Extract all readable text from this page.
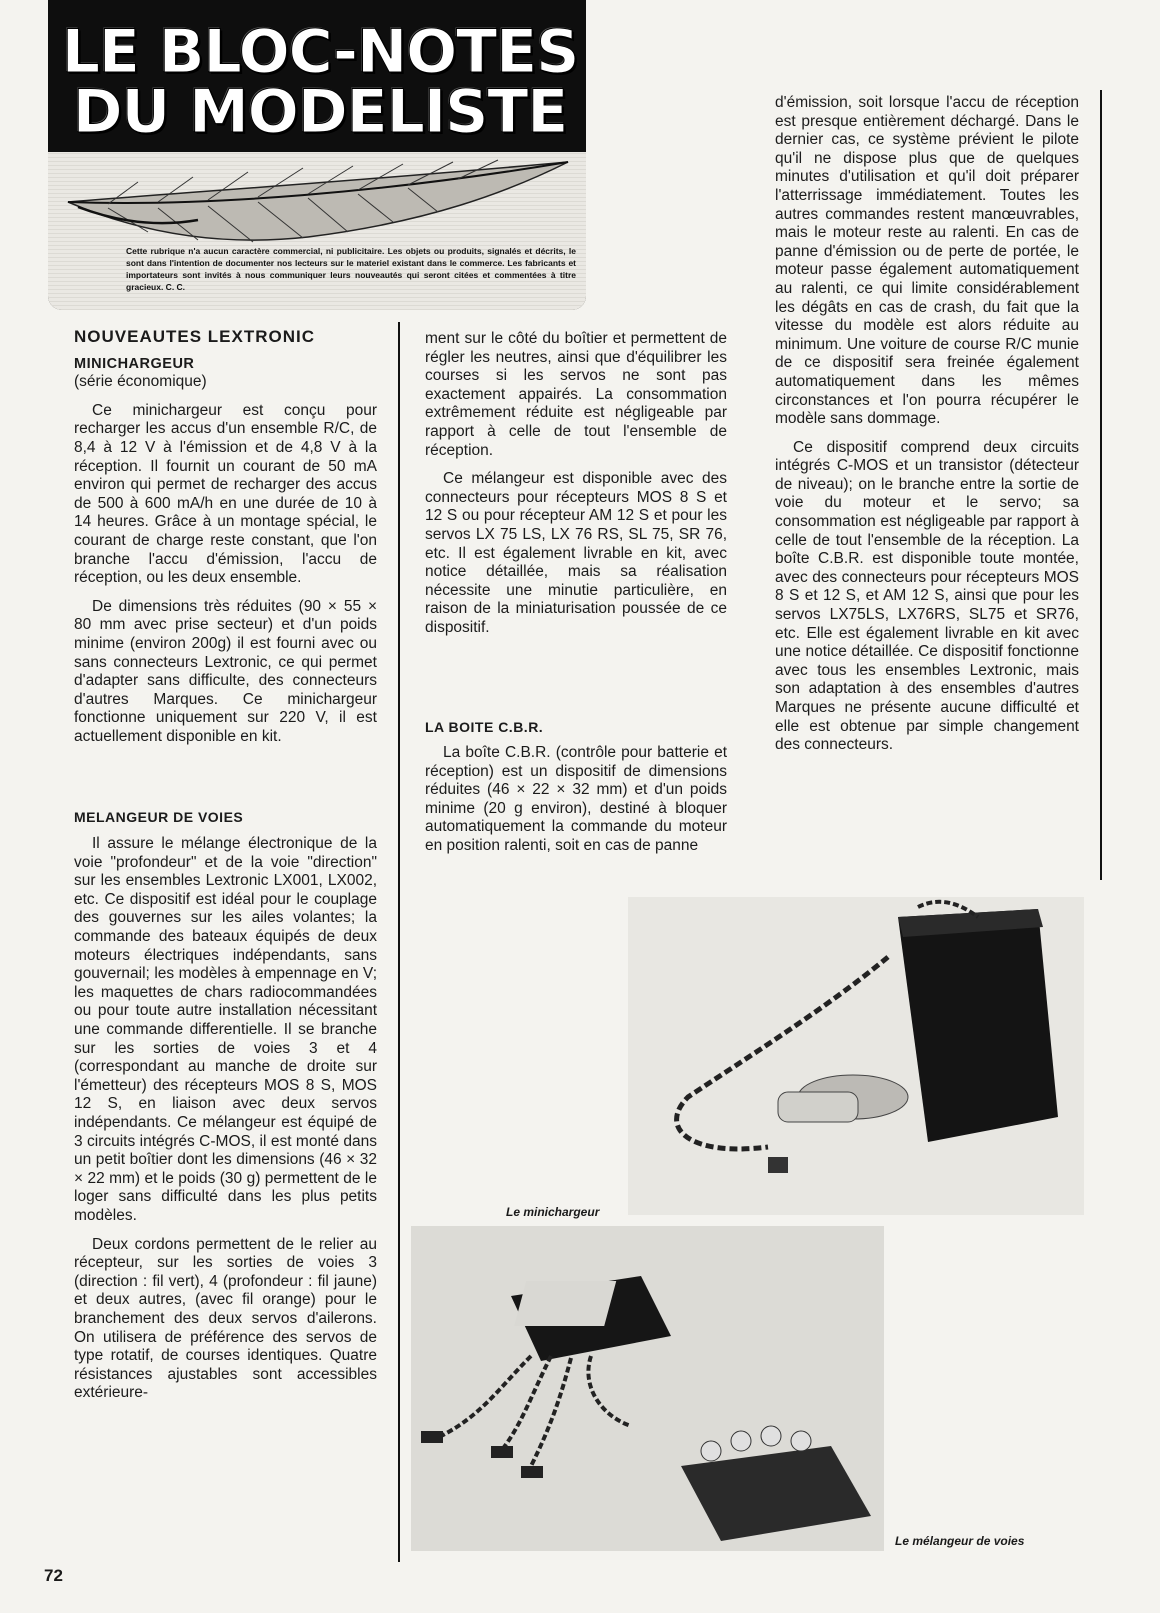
LE BLOC-NOTES
DU MODELISTE
Cette rubrique n'a aucun caractère commercial, ni publicitaire. Les objets ou produits, signalés et décrits, le sont dans l'intention de documenter nos lecteurs sur le materiel existant dans le commerce. Les fabricants et importateurs sont invités à nous communiquer leurs nouveautés qui seront citées et commentées à titre gracieux. C. C.
NOUVEAUTES LEXTRONIC
MINICHARGEUR
(série économique)

Ce minichargeur est conçu pour recharger les accus d'un ensemble R/C, de 8,4 à 12 V à l'émission et de 4,8 V à la réception. Il fournit un courant de 50 mA environ qui permet de recharger des accus de 500 à 600 mA/h en une durée de 10 à 14 heures. Grâce à un montage spécial, le courant de charge reste constant, que l'on branche l'accu d'émission, l'accu de réception, ou les deux ensemble.

De dimensions très réduites (90 × 55 × 80 mm avec prise secteur) et d'un poids minime (environ 200g) il est fourni avec ou sans connecteurs Lextronic, ce qui permet d'adapter sans difficulte, des connecteurs d'autres Marques. Ce minichargeur fonctionne uniquement sur 220 V, il est actuellement disponible en kit.

MELANGEUR DE VOIES

Il assure le mélange électronique de la voie "profondeur" et de la voie "direction" sur les ensembles Lextronic LX001, LX002, etc. Ce dispositif est idéal pour le couplage des gouvernes sur les ailes volantes; la commande des bateaux équipés de deux moteurs électriques indépendants, sans gouvernail; les modèles à empennage en V; les maquettes de chars radiocommandées ou pour toute autre installation nécessitant une commande differentielle. Il se branche sur les sorties de voies 3 et 4 (correspondant au manche de droite sur l'émetteur) des récepteurs MOS 8 S, MOS 12 S, en liaison avec deux servos indépendants. Ce mélangeur est équipé de 3 circuits intégrés C-MOS, il est monté dans un petit boîtier dont les dimensions (46 × 32 × 22 mm) et le poids (30 g) permettent de le loger sans difficulté dans les plus petits modèles.

Deux cordons permettent de le relier au récepteur, sur les sorties de voies 3 (direction : fil vert), 4 (profondeur : fil jaune) et deux autres, (avec fil orange) pour le branchement des deux servos d'ailerons. On utilisera de préférence des servos de type rotatif, de courses identiques. Quatre résistances ajustables sont accessibles extérieure-

ment sur le côté du boîtier et permettent de régler les neutres, ainsi que d'équilibrer les courses si les servos ne sont pas exactement appairés. La consommation extrêmement réduite est négligeable par rapport à celle de tout l'ensemble de réception.

Ce mélangeur est disponible avec des connecteurs pour récepteurs MOS 8 S et 12 S ou pour récepteur AM 12 S et pour les servos LX 75 LS, LX 76 RS, SL 75, SR 76, etc. Il est également livrable en kit, avec notice détaillée, mais sa réalisation nécessite une minutie particulière, en raison de la miniaturisation poussée de ce dispositif.

LA BOITE C.B.R.

La boîte C.B.R. (contrôle pour batterie et réception) est un dispositif de dimensions réduites (46 × 22 × 32 mm) et d'un poids minime (20 g environ), destiné à bloquer automatiquement la commande du moteur en position ralenti, soit en cas de panne

d'émission, soit lorsque l'accu de réception est presque entièrement déchargé. Dans le dernier cas, ce système prévient le pilote qu'il ne dispose plus que de quelques minutes d'utilisation et qu'il doit préparer l'atterrissage immédiatement. Toutes les autres commandes restent manœuvrables, mais le moteur reste au ralenti. En cas de panne d'émission ou de perte de portée, le moteur passe également automatiquement au ralenti, ce qui limite considérablement les dégâts en cas de crash, du fait que la vitesse du modèle est alors réduite au minimum. Une voiture de course R/C munie de ce dispositif sera freinée également automatiquement dans les mêmes circonstances et l'on pourra récupérer le modèle sans dommage.

Ce dispositif comprend deux circuits intégrés C-MOS et un transistor (détecteur de niveau); on le branche entre la sortie de voie du moteur et le servo; sa consommation est négligeable par rapport à celle de tout l'ensemble de la réception. La boîte C.B.R. est disponible toute montée, avec des connecteurs pour récepteurs MOS 8 S et 12 S, et AM 12 S, ainsi que pour les servos LX75LS, LX76RS, SL75 et SR76, etc. Elle est également livrable en kit avec une notice détaillée. Ce dispositif fonctionne avec tous les ensembles Lextronic, mais son adaptation à des ensembles d'autres Marques ne présente aucune difficulté et elle est obtenue par simple changement des connecteurs.

Le minichargeur
Le mélangeur de voies
72
